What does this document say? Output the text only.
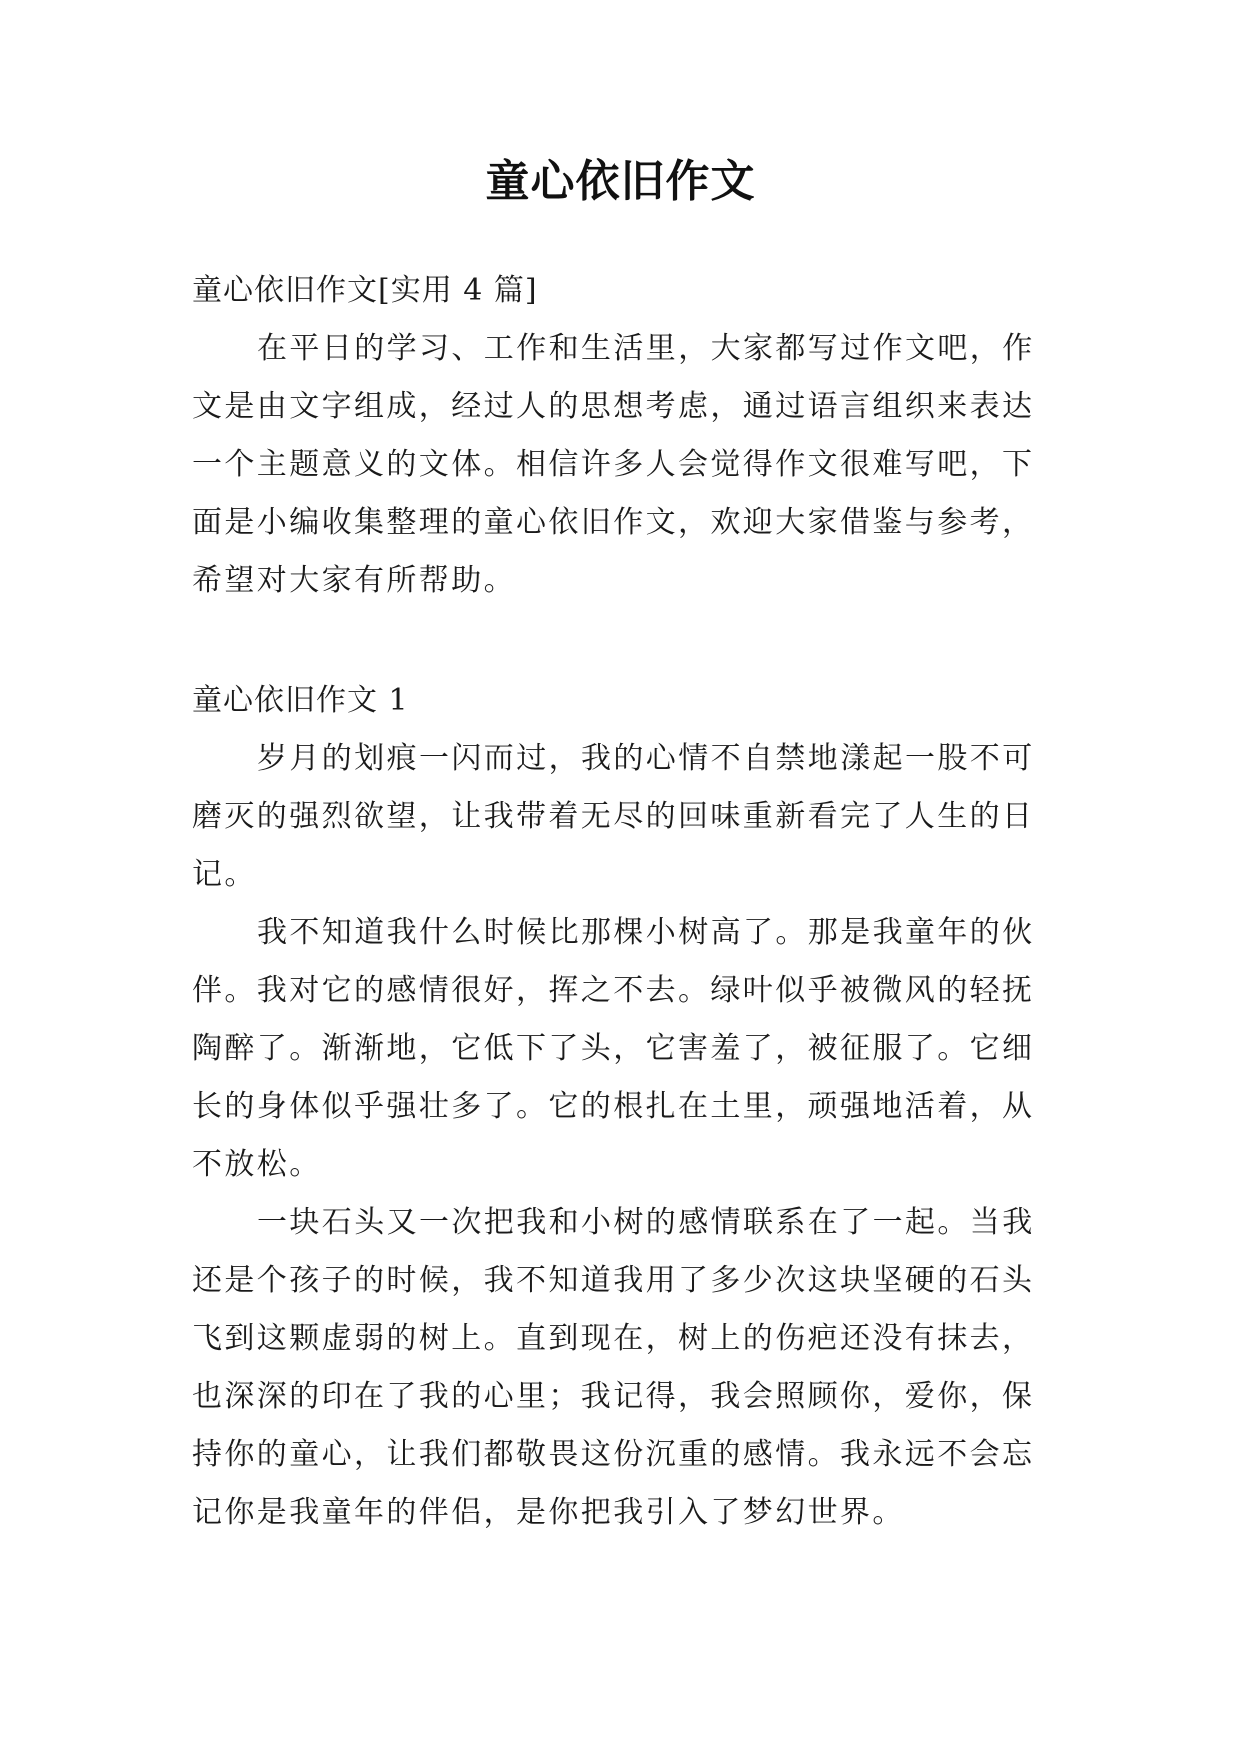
童心依旧作文

童心依旧作文[实用 4 篇]

在平日的学习、工作和生活里，大家都写过作文吧，作

文是由文字组成，经过人的思想考虑，通过语言组织来表达

一个主题意义的文体。相信许多人会觉得作文很难写吧，下

面是小编收集整理的童心依旧作文，欢迎大家借鉴与参考，

希望对大家有所帮助。

童心依旧作文 1

岁月的划痕一闪而过，我的心情不自禁地漾起一股不可

磨灭的强烈欲望，让我带着无尽的回味重新看完了人生的日

记。

我不知道我什么时候比那棵小树高了。那是我童年的伙

伴。我对它的感情很好，挥之不去。绿叶似乎被微风的轻抚

陶醉了。渐渐地，它低下了头，它害羞了，被征服了。它细

长的身体似乎强壮多了。它的根扎在土里，顽强地活着，从

不放松。

一块石头又一次把我和小树的感情联系在了一起。当我

还是个孩子的时候，我不知道我用了多少次这块坚硬的石头

飞到这颗虚弱的树上。直到现在，树上的伤疤还没有抹去，

也深深的印在了我的心里；我记得，我会照顾你，爱你，保

持你的童心，让我们都敬畏这份沉重的感情。我永远不会忘

记你是我童年的伴侣，是你把我引入了梦幻世界。
